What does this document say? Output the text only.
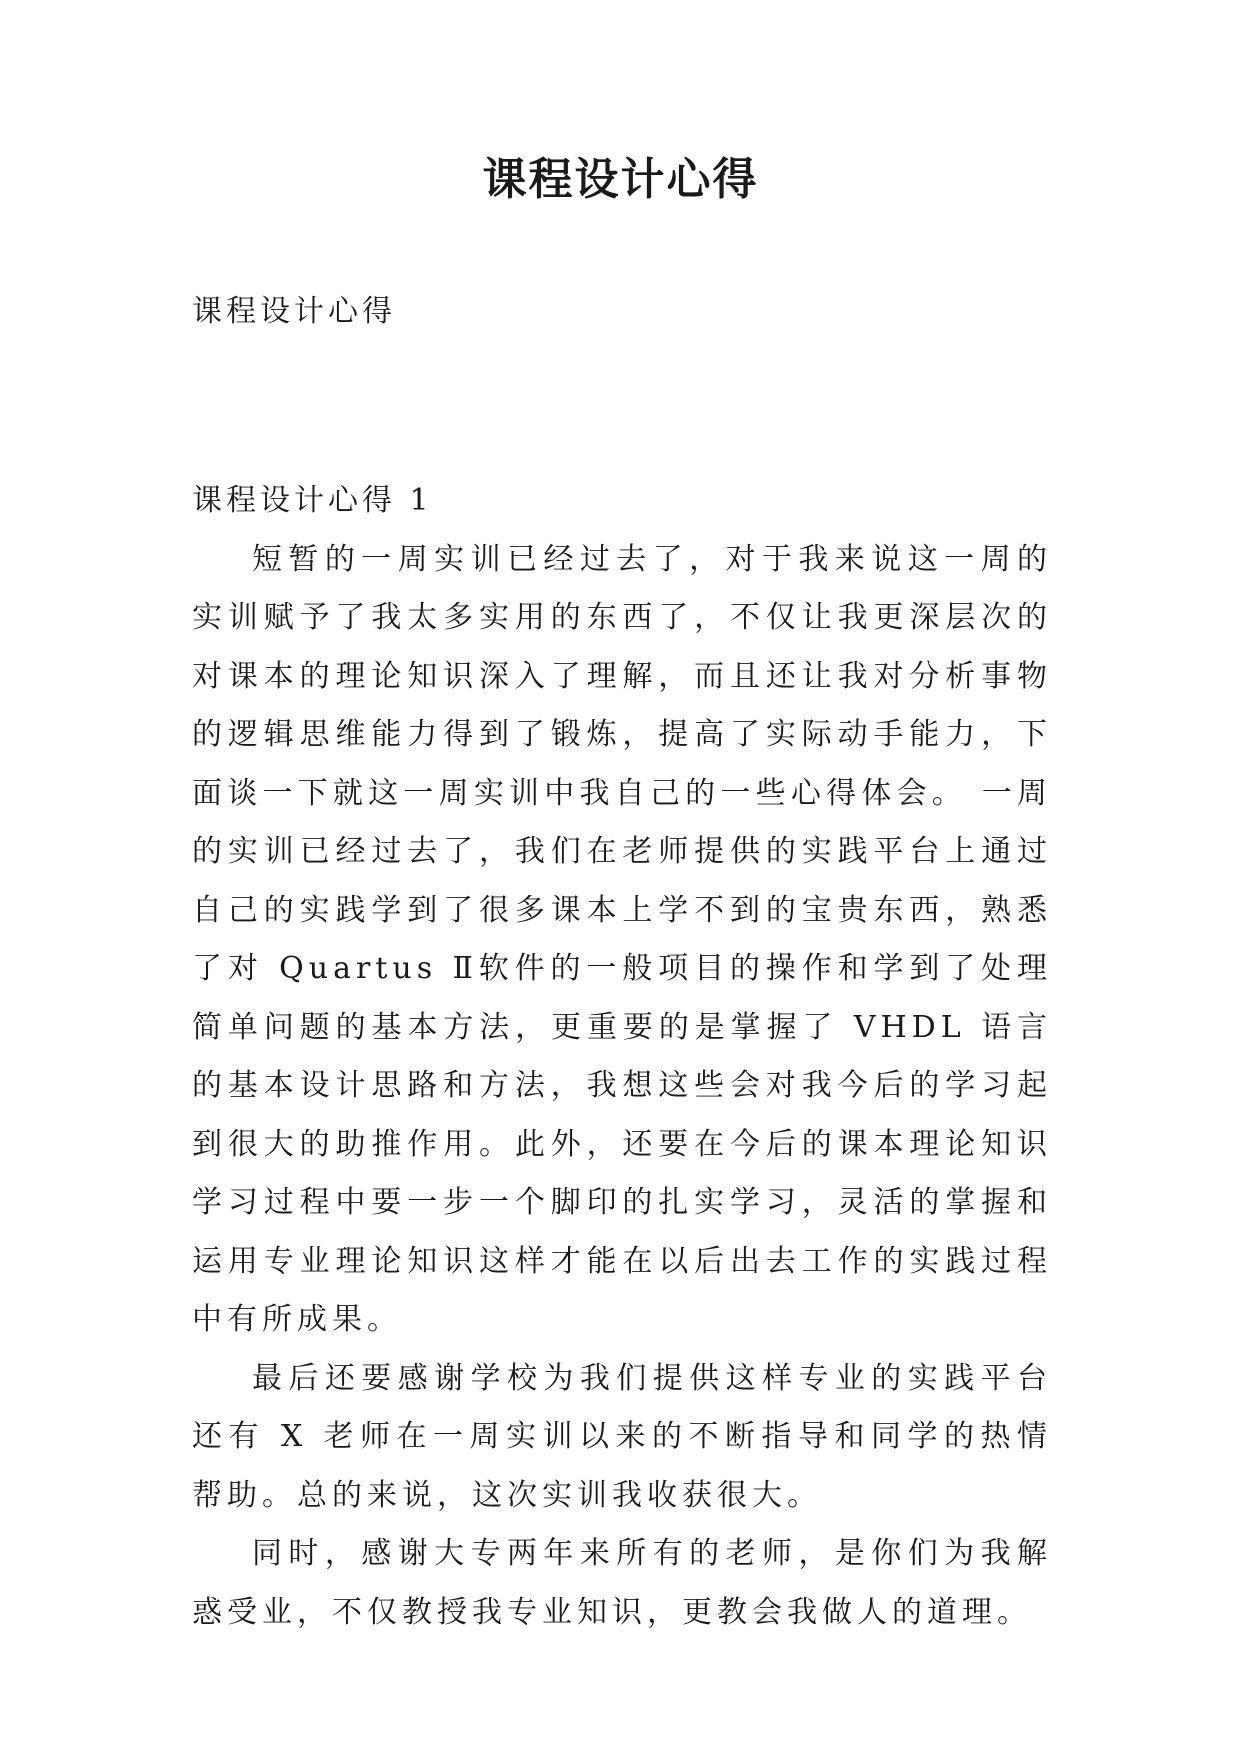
课程设计心得

课程设计心得

课程设计心得 1

短暂的一周实训已经过去了，对于我来说这一周的实训赋予了我太多实用的东西了，不仅让我更深层次的对课本的理论知识深入了理解，而且还让我对分析事物的逻辑思维能力得到了锻炼，提高了实际动手能力，下面谈一下就这一周实训中我自己的一些心得体会。 一周的实训已经过去了，我们在老师提供的实践平台上通过自己的实践学到了很多课本上学不到的宝贵东西，熟悉了对 Quartus Ⅱ软件的一般项目的操作和学到了处理简单问题的基本方法，更重要的是掌握了 VHDL 语言的基本设计思路和方法，我想这些会对我今后的学习起到很大的助推作用。此外，还要在今后的课本理论知识学习过程中要一步一个脚印的扎实学习，灵活的掌握和运用专业理论知识这样才能在以后出去工作的实践过程中有所成果。

最后还要感谢学校为我们提供这样专业的实践平台还有 X 老师在一周实训以来的不断指导和同学的热情帮助。总的来说，这次实训我收获很大。

同时，感谢大专两年来所有的老师，是你们为我解惑受业，不仅教授我专业知识，更教会我做人的道理。
